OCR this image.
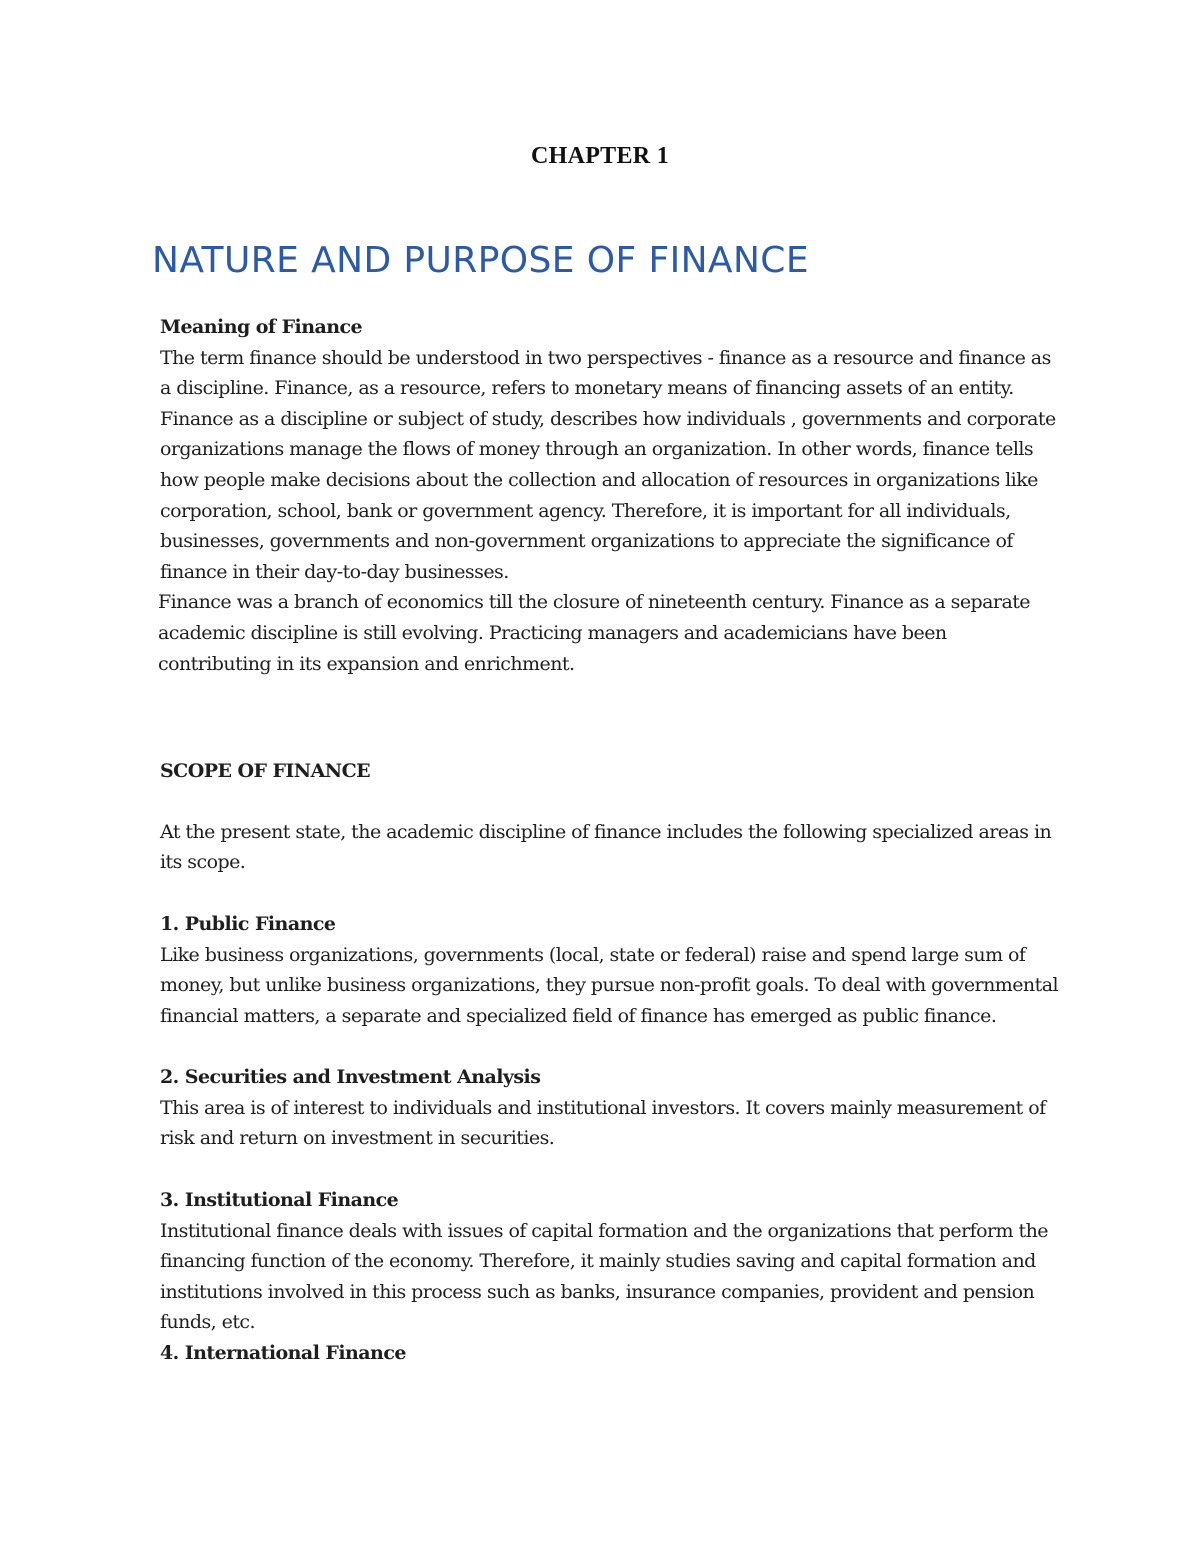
CHAPTER 1
NATURE AND PURPOSE OF FINANCE

Meaning of Finance

The term finance should be understood in two perspectives - finance as a resource and finance as a discipline. Finance, as a resource, refers to monetary means of financing assets of an entity. Finance as a discipline or subject of study, describes how individuals , governments and corporate organizations manage the flows of money through an organization. In other words, finance tells how people make decisions about the collection and allocation of resources in organizations like corporation, school, bank or government agency. Therefore, it is important for all individuals, businesses, governments and non-government organizations to appreciate the significance of finance in their day-to-day businesses.

Finance was a branch of economics till the closure of nineteenth century. Finance as a separate academic discipline is still evolving. Practicing managers and academicians have been contributing in its expansion and enrichment.

SCOPE OF FINANCE

At the present state, the academic discipline of finance includes the following specialized areas in its scope.

1. Public Finance

Like business organizations, governments (local, state or federal) raise and spend large sum of money, but unlike business organizations, they pursue non-profit goals. To deal with governmental financial matters, a separate and specialized field of finance has emerged as public finance.

2. Securities and Investment Analysis

This area is of interest to individuals and institutional investors. It covers mainly measurement of risk and return on investment in securities.

3. Institutional Finance

Institutional finance deals with issues of capital formation and the organizations that perform the financing function of the economy. Therefore, it mainly studies saving and capital formation and institutions involved in this process such as banks, insurance companies, provident and pension funds, etc.

4. International Finance
